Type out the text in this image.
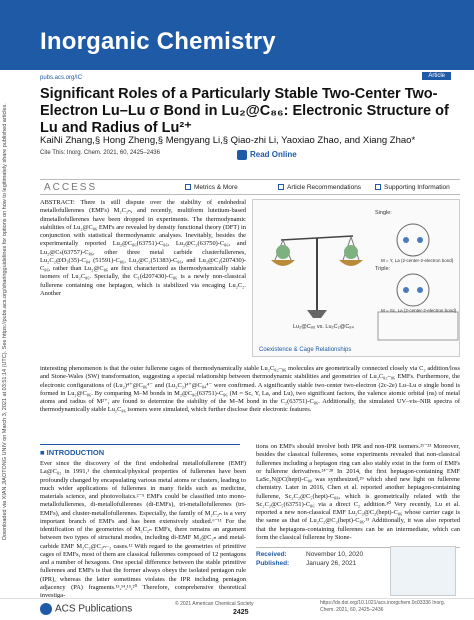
Inorganic Chemistry
Downloaded via XIAN JIAOTONG UNIV on March 3, 2021 at 03:51:14 (UTC). See https://pubs.acs.org/sharingguidelines for options on how to legitimately share published articles.
pubs.acs.org/IC	Article
Significant Roles of a Particularly Stable Two-Center Two-Electron Lu–Lu σ Bond in Lu₂@C₈₆: Electronic Structure of Lu and Radius of Lu²⁺
KaiNi Zhang,§ Hong Zheng,§ Mengyang Li,§ Qiao-zhi Li, Yaoxiao Zhao, and Xiang Zhao*
Cite This: Inorg. Chem. 2021, 60, 2425–2436	Read Online
ACCESS	Metrics & More	Article Recommendations	Supporting Information
ABSTRACT: There is still dispute over the stability of endohedral metallofullerenes (EMFs) M₂C₂ₙ, and recently, multiform lutetium-based dimetallofullerenes have been dropped in experiments. The thermodynamic stabilities of Lu₂@C₈₆ EMFs are revealed by density functional theory (DFT) in conjunction with statistical thermodynamic analyses. Inevitably, besides the experimentally reported Lu₂@C₈₆(63751)-C₈₆, Lu₂@C₂(63750)-C₈₆, and Lu₂@Cₛ(63757)-C₈₆, other three metal carbide clusterfullerenes, Lu₂C₂@D₃(35)-C₈₄ (51591)-C₈₆, Lu₂@C₂(51383)-C₈₆, and Lu₂@C₁(207430)-C₈₆, rather than Lu₂@C₈₆ are first characterized as thermodynamically stable isomers of Lu₂C₈₆. Specially, the C₁(d207430)-C₈₆ is a newly non-classical fullerene containing one heptagon, which is stabilized via encaging Lu₂C₂. Another
Single:
Triple:
M = Y, La (2-center-2-electron bond)
M = Sc, La (2-center-2-electron bond)
Lu₂@C₈₆ vs. Lu₂C₂@C₈₄
Coexistence & Cage Relationships
interesting phenomenon is that the outer fullerene cages of thermodynamically stable Lu₂C₈₂–₈₆ molecules are geometrically connected closely via C₂ addition/loss and Stone-Wales (SW) transformation, suggesting a special relationship between thermodynamic stabilities and geometries of Lu₂C₈₂–₈₆ EMFs. Furthermore, the electronic configurations of (Lu₂)⁴⁺@C₈₆⁴⁻ and (Lu₂C₂)⁴⁺@C₈₄⁴⁻ were confirmed. A significantly stable two-center two-electron (2c-2e) Lu–Lu σ single bond is formed in Lu₂@C₈₆. By comparing M–M bonds in M₂@C₈₆(63751)-C₈₆ (M = Sc, Y, La, and Lu), two significant factors, the valence atomic orbital (ns) of metal atoms and radius of M²⁺, are found to determine the stability of the M–M bond in the C₂(63751)-C₈₆. Additionally, the simulated UV–vis–NIR spectra of thermodynamically stable Lu₂C₈₆ isomers were simulated, which further disclose their electronic features.
■ INTRODUCTION
Ever since the discovery of the first endohedral metallofullerene (EMF) La@C₈₂ in 1991,¹ the chemical/physical properties of fullerenes have been profoundly changed by encapsulating various metal atoms or clusters, leading to much wider applications of fullerenes in many fields such as medicine, materials science, and photovoltaics.²⁻⁵ EMFs could be classified into mono-metallofullerenes, di-metallofullerenes (di-EMFs), tri-metallofullerenes (tri-EMFs), and cluster-metallofullerenes. Especially, the family of M₂C₂ₙ is a very important branch of EMFs and has been extensively studied.⁶⁻¹¹ For the identification of the geometries of M₂C₂ₙ EMFs, there remains an argument between two types of structural modes, including di-EMF M₂@C₂ₙ and metal-carbide EMF M₂C₂@C₂ₙ₋₂ cases.¹² With regard to the geometries of primitive cages of EMFs, most of them are classical fullerenes composed of 12 pentagons and a number of hexagons. One special difference between the stable primitive fullerenes and EMFs is that the former always obeys the isolated pentagon rule (IPR), whereas the latter sometimes violates the IPR including pentagon adjacency (PA) fragments.¹³,¹⁴,¹⁵,²⁰ Therefore, comprehensive theoretical investiga-
tions on EMFs should involve both IPR and non-IPR isomers.²¹⁻²³ Moreover, besides the classical fullerenes, some experiments revealed that non-classical fullerenes including a heptagon ring can also stably exist in the form of EMFs or fullerene derivatives.²⁴⁻²⁸ In 2014, the first heptagon-containing EMF LaSc₂N@C(hept)-C₈₀ was synthesized,²⁹ which shed new light on fullerene chemistry. Later in 2016, Chen et al. reported another heptagon-containing fullerene, Sc₂C₂@C₅(hept)-C₈₈, which is geometrically related with the Sc₂C₂@C₅(63751)-C₈₆ via a direct C₂ addition.³⁰ Very recently, Lu et al. reported a new non-classical EMF Lu₂C₂@C₂(hept)-C₈₆ whose carrier cage is the same as that of Lu₂C₂@C₂(hept)-C₈₆.³¹ Additionally, it was also reported that the heptagons-containing fullerenes can be an intermediate, which can form the classical fullerene by Stone-
Received:	November 10, 2020
Published:	January 26, 2021
ACS Publications	© 2021 American Chemical Society
2425
https://dx.doi.org/10.1021/acs.inorgchem.0c03336 Inorg. Chem. 2021, 60, 2425–2436
